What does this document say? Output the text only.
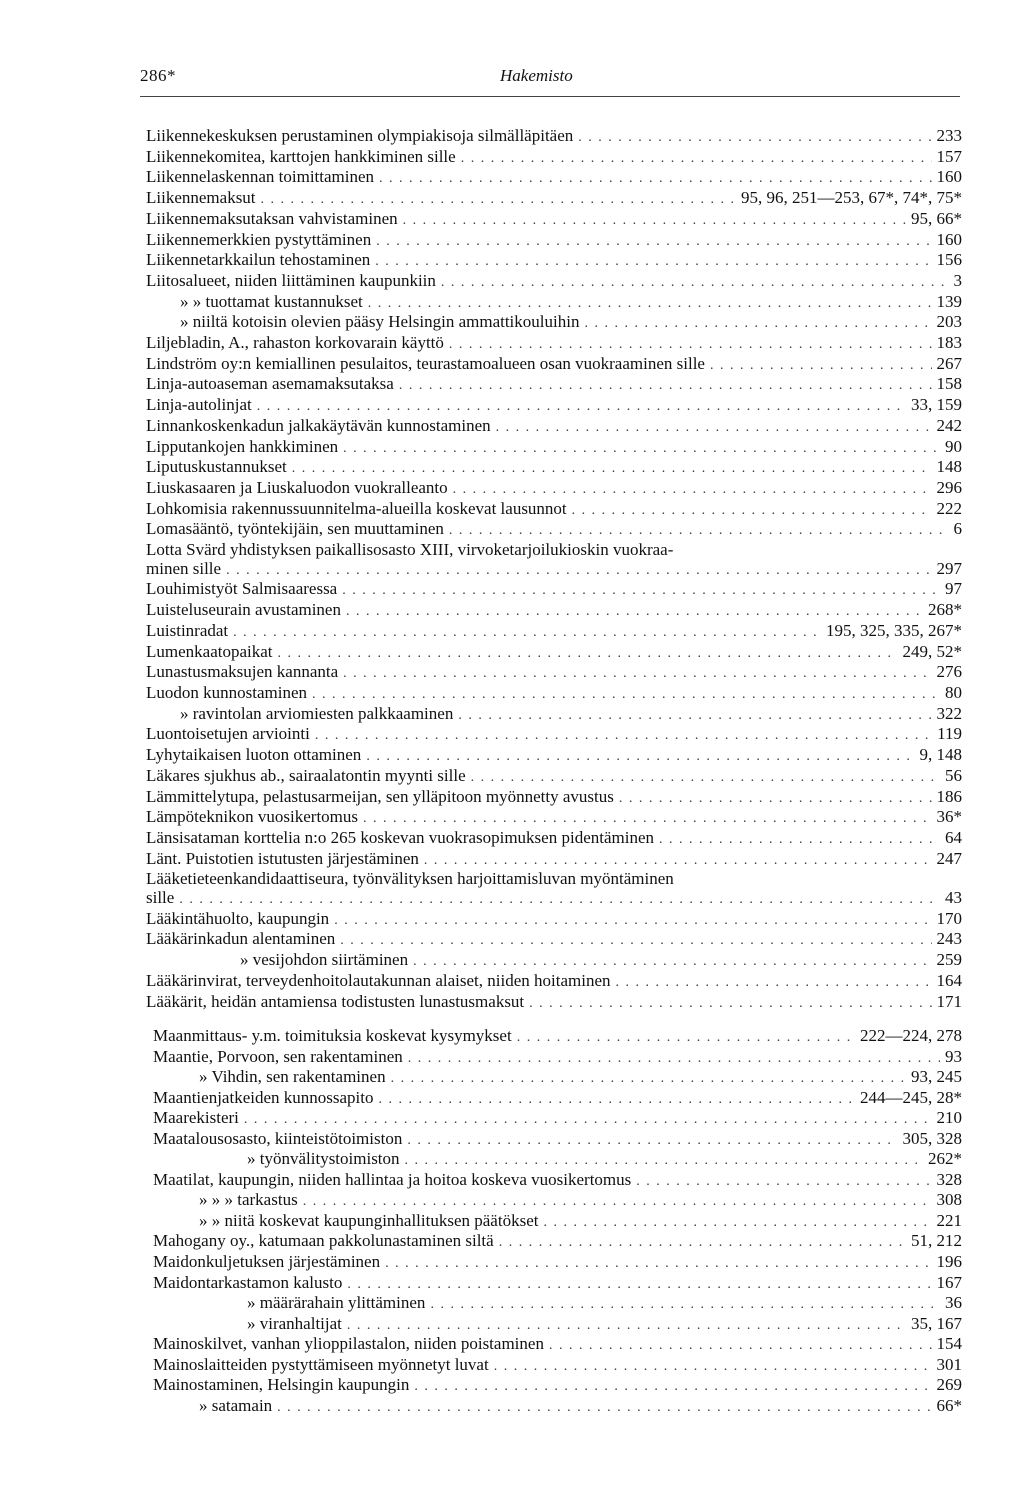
286*	Hakemisto
Liikennekeskuksen perustaminen olympiakisoja silmälläpitäen . . .	233
Liikennekomitea, karttojen hankkiminen sille . . .	157
Liikennelaskennan toimittaminen . . .	160
Liikennemaksut . . .	95, 96, 251—253, 67*, 74*, 75*
Liikennemaksutaksan vahvistaminen . . .	95, 66*
Liikennemerkkien pystyttäminen . . .	160
Liikennetarkkailun tehostaminen . . .	156
Liitosalueet, niiden liittäminen kaupunkiin . . .	3
» » tuottamat kustannukset . . .	139
» niiltä kotoisin olevien pääsy Helsingin ammattikouluihin . . .	203
Liljebladin, A., rahaston korkovarain käyttö . . .	183
Lindström oy:n kemiallinen pesulaitos, teurastamoalueen osan vuokraaminen sille . . .	267
Linja-autoaseman asemamaksutaksa . . .	158
Linja-autolinjat . . .	33, 159
Linnankoskenkadun jalkakäytävän kunnostaminen . . .	242
Lipputankojen hankkiminen . . .	90
Liputuskustannukset . . .	148
Liuskasaaren ja Liuskaluodon vuokralleanto . . .	296
Lohkomisia rakennussuunnitelma-alueilla koskevat lausunnot . . .	222
Lomasääntö, työntekijäin, sen muuttaminen . . .	6
Lotta Svärd yhdistyksen paikallisosasto XIII, virvoketarjoilukioskin vuokraa-
minen sille . . .	297
Louhimistyöt Salmisaaressa . . .	97
Luisteluseurain avustaminen . . .	268*
Luistinradat . . .	195, 325, 335, 267*
Lumenkaatopaikat . . .	249, 52*
Lunastusmaksujen kannanta . . .	276
Luodon kunnostaminen . . .	80
» ravintolan arviomiesten palkkaaminen . . .	322
Luontoisetujen arviointi . . .	119
Lyhytaikaisen luoton ottaminen . . .	9, 148
Läkares sjukhus ab., sairaalatontin myynti sille . . .	56
Lämmittelytupa, pelastusarmeijan, sen ylläpitoon myönnetty avustus . . .	186
Lämpöteknikon vuosikertomus . . .	36*
Länsisataman korttelia n:o 265 koskevan vuokrasopimuksen pidentäminen . . .	64
Länt. Puistotien istutusten järjestäminen . . .	247
Lääketieteenkandidaattiseura, työnvälityksen harjoittamisluvan myöntäminen
sille . . .	43
Lääkintähuolto, kaupungin . . .	170
Lääkärinkadun alentaminen . . .	243
» vesijohdon siirtäminen . . .	259
Lääkärinvirat, terveydenhoitolautakunnan alaiset, niiden hoitaminen . . .	164
Lääkärit, heidän antamiensa todistusten lunastusmaksut . . .	171
Maanmittaus- y.m. toimituksia koskevat kysymykset . . .	222—224, 278
Maantie, Porvoon, sen rakentaminen . . .	93
» Vihdin, sen rakentaminen . . .	93, 245
Maantienjatkeiden kunnossapito . . .	244—245, 28*
Maarekisteri . . .	210
Maatalousosasto, kiinteistötoimiston . . .	305, 328
» työnvälitystoimiston . . .	262*
Maatilat, kaupungin, niiden hallintaa ja hoitoa koskeva vuosikertomus . . .	328
» » » tarkastus . . .	308
» » niitä koskevat kaupunginhallituksen päätökset . . .	221
Mahogany oy., katumaan pakkolunastaminen siltä . . .	51, 212
Maidonkuljetuksen järjestäminen . . .	196
Maidontarkastamon kalusto . . .	167
» määrärahain ylittäminen . . .	36
» viranhaltijat . . .	35, 167
Mainoskilvet, vanhan ylioppilastalon, niiden poistaminen . . .	154
Mainoslaitteiden pystyttämiseen myönnetyt luvat . . .	301
Mainostaminen, Helsingin kaupungin . . .	269
» satamain . . .	66*
